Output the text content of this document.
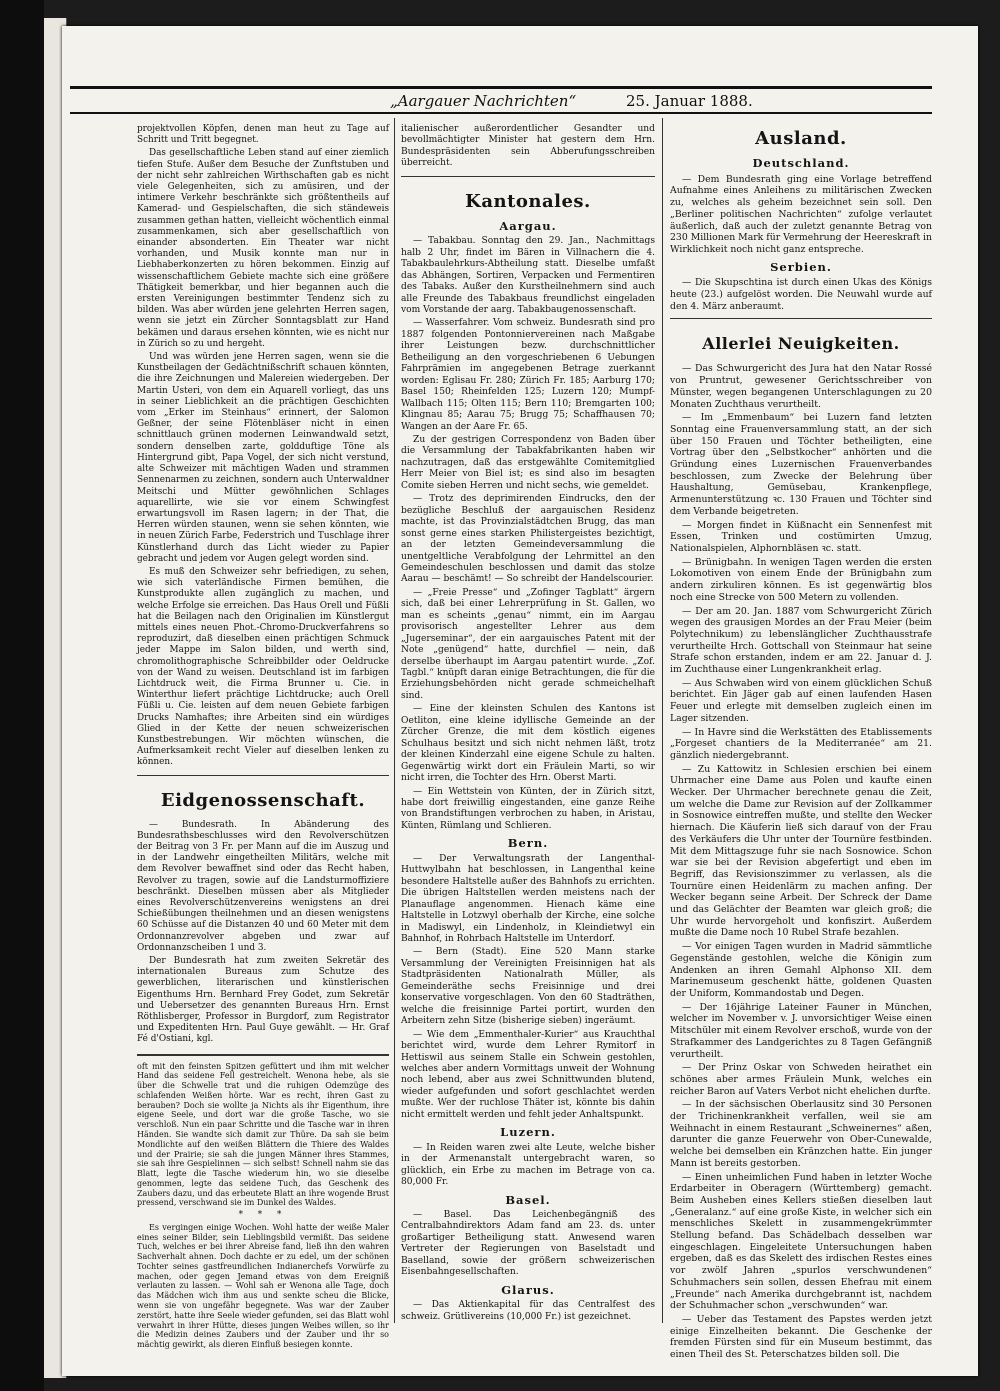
„Aargauer Nachrichten“	25. Januar 1888.

projektvollen Köpfen, denen man heut zu Tage auf Schritt und Tritt begegnet.

Das gesellschaftliche Leben stand auf einer ziemlich tiefen Stufe. Außer dem Besuche der Zunftstuben und der nicht sehr zahlreichen Wirthschaften gab es nicht viele Gelegenheiten, sich zu amüsiren, und der intimere Verkehr beschränkte sich größtentheils auf Kamerad- und Gespielschaften, die sich ständeweis zusammen gethan hatten, vielleicht wöchentlich einmal zusammenkamen, sich aber gesellschaftlich von einander absonderten. Ein Theater war nicht vorhanden, und Musik konnte man nur in Liebhaberkonzerten zu hören bekommen. Einzig auf wissenschaftlichem Gebiete machte sich eine größere Thätigkeit bemerkbar, und hier begannen auch die ersten Vereinigungen bestimmter Tendenz sich zu bilden. Was aber würden jene gelehrten Herren sagen, wenn sie jetzt ein Zürcher Sonntagsblatt zur Hand bekämen und daraus ersehen könnten, wie es nicht nur in Zürich so zu und hergeht.

Und was würden jene Herren sagen, wenn sie die Kunstbeilagen der Gedächtnißschrift schauen könnten, die ihre Zeichnungen und Malereien wiedergeben. Der Martin Usteri, von dem ein Aquarell vorliegt, das uns in seiner Lieblichkeit an die prächtigen Geschichten vom „Erker im Steinhaus“ erinnert, der Salomon Geßner, der seine Flötenbläser nicht in einen schnittlauch grünen modernen Leinwandwald setzt, sondern denselben zarte, goldduftige Töne als Hintergrund gibt, Papa Vogel, der sich nicht verstund, alte Schweizer mit mächtigen Waden und strammen Sennenarmen zu zeichnen, sondern auch Unterwaldner Meitschi und Mütter gewöhnlichen Schlages aquarellirte, wie sie vor einem Schwingfest erwartungsvoll im Rasen lagern; in der That, die Herren würden staunen, wenn sie sehen könnten, wie in neuen Zürich Farbe, Federstrich und Tuschlage ihrer Künstlerhand durch das Licht wieder zu Papier gebracht und jedem vor Augen gelegt worden sind.

Es muß den Schweizer sehr befriedigen, zu sehen, wie sich vaterländische Firmen bemühen, die Kunstprodukte allen zugänglich zu machen, und welche Erfolge sie erreichen. Das Haus Orell und Füßli hat die Beilagen nach den Originalien im Künstlergut mittels eines neuen Phot.-Chromo-Druckverfahrens so reproduzirt, daß dieselben einen prächtigen Schmuck jeder Mappe im Salon bilden, und werth sind, chromolithographische Schreibbilder oder Oeldrucke von der Wand zu weisen. Deutschland ist im farbigen Lichtdruck weit, die Firma Brunner u. Cie. in Winterthur liefert prächtige Lichtdrucke; auch Orell Füßli u. Cie. leisten auf dem neuen Gebiete farbigen Drucks Namhaftes; ihre Arbeiten sind ein würdiges Glied in der Kette der neuen schweizerischen Kunstbestrebungen. Wir möchten wünschen, die Aufmerksamkeit recht Vieler auf dieselben lenken zu können.

Eidgenossenschaft.

— Bundesrath. In Abänderung des Bundesrathsbeschlusses wird den Revolverschützen der Beitrag von 3 Fr. per Mann auf die im Auszug und in der Landwehr eingetheilten Militärs, welche mit dem Revolver bewaffnet sind oder das Recht haben, Revolver zu tragen, sowie auf die Landsturmoffiziere beschränkt. Dieselben müssen aber als Mitglieder eines Revolverschützenvereins wenigstens an drei Schießübungen theilnehmen und an diesen wenigstens 60 Schüsse auf die Distanzen 40 und 60 Meter mit dem Ordonnanzrevolver abgeben und zwar auf Ordonnanzscheiben 1 und 3.

Der Bundesrath hat zum zweiten Sekretär des internationalen Bureaus zum Schutze des gewerblichen, literarischen und künstlerischen Eigenthums Hrn. Bernhard Frey Godet, zum Sekretär und Uebersetzer des genannten Bureaus Hrn. Ernst Röthlisberger, Professor in Burgdorf, zum Registrator und Expeditenten Hrn. Paul Guye gewählt. — Hr. Graf Fé d'Ostiani, kgl.

oft mit den feinsten Spitzen gefüttert und ihm mit welcher Hand das seidene Fell gestreichelt. Wenona hebe, als sie über die Schwelle trat und die ruhigen Odemzüge des schlafenden Weißen hörte. War es recht, ihren Gast zu berauben? Doch sie wollte ja Nichts als ihr Eigenthum, ihre eigene Seele, und dort war die große Tasche, wo sie verschloß. Nun ein paar Schritte und die Tasche war in ihren Händen. Sie wandte sich damit zur Thüre. Da sah sie beim Mondlichte auf den weißen Blättern die Thiere des Waldes und der Prairie; sie sah die jungen Männer ihres Stammes, sie sah ihre Gespielinnen — sich selbst! Schnell nahm sie das Blatt, legte die Tasche wiederum hin, wo sie dieselbe genommen, legte das seidene Tuch, das Geschenk des Zaubers dazu, und das erbeutete Blatt an ihre wogende Brust pressend, verschwand sie im Dunkel des Waldes.

* * *

Es vergingen einige Wochen. Wohl hatte der weiße Maler eines seiner Bilder, sein Lieblingsbild vermißt. Das seidene Tuch, welches er bei ihrer Abreise fand, ließ ihn den wahren Sachverhalt ahnen. Doch dachte er zu edel, um der schönen Tochter seines gastfreundlichen Indianerchefs Vorwürfe zu machen, oder gegen Jemand etwas von dem Ereigniß verlauten zu lassen. — Wohl sah er Wenona alle Tage, doch das Mädchen wich ihm aus und senkte scheu die Blicke, wenn sie von ungefähr begegnete. Was war der Zauber zerstört, hatte ihre Seele wieder gefunden, sei das Blatt wohl verwahrt in ihrer Hütte, dieses jungen Weibes willen, so ihr die Medizin deines Zaubers und der Zauber und ihr so mächtig gewirkt, als dieren Einfluß besiegen konnte.

italienischer außerordentlicher Gesandter und bevollmächtigter Minister hat gestern dem Hrn. Bundespräsidenten sein Abberufungsschreiben überreicht.

Kantonales.
Aargau.

— Tabakbau. Sonntag den 29. Jan., Nachmittags halb 2 Uhr, findet im Bären in Villnachern die 4. Tabakbaulehrkurs-Abtheilung statt. Dieselbe umfaßt das Abhängen, Sortiren, Verpacken und Fermentiren des Tabaks. Außer den Kurstheilnehmern sind auch alle Freunde des Tabakbaus freundlichst eingeladen vom Vorstande der aarg. Tabakbaugenossenschaft.

— Wasserfahrer. Vom schweiz. Bundesrath sind pro 1887 folgenden Pontonniervereinen nach Maßgabe ihrer Leistungen bezw. durchschnittlicher Betheiligung an den vorgeschriebenen 6 Uebungen Fahrprämien im angegebenen Betrage zuerkannt worden: Eglisau Fr. 280; Zürich Fr. 185; Aarburg 170; Basel 150; Rheinfelden 125; Luzern 120; Mumpf-Wallbach 115; Olten 115; Bern 110; Bremgarten 100; Klingnau 85; Aarau 75; Brugg 75; Schaffhausen 70; Wangen an der Aare Fr. 65.

Zu der gestrigen Correspondenz von Baden über die Versammlung der Tabakfabrikanten haben wir nachzutragen, daß das erstgewählte Comitemitglied Herr Meier von Biel ist; es sind also im besagten Comite sieben Herren und nicht sechs, wie gemeldet.

— Trotz des deprimirenden Eindrucks, den der bezügliche Beschluß der aargauischen Residenz machte, ist das Provinzialstädtchen Brugg, das man sonst gerne eines starken Philistergeistes bezichtigt, an der letzten Gemeindeversammlung die unentgeltliche Verabfolgung der Lehrmittel an den Gemeindeschulen beschlossen und damit das stolze Aarau — beschämt! — So schreibt der Handelscourier.

— „Freie Presse“ und „Zofinger Tagblatt“ ärgern sich, daß bei einer Lehrerprüfung in St. Gallen, wo man es scheints „genau“ nimmt, ein im Aargau provisorisch angestellter Lehrer aus dem „Jugerseminar“, der ein aargauisches Patent mit der Note „genügend“ hatte, durchfiel — nein, daß derselbe überhaupt im Aargau patentirt wurde. „Zof. Tagbl.“ knüpft daran einige Betrachtungen, die für die Erziehungsbehörden nicht gerade schmeichelhaft sind.

— Eine der kleinsten Schulen des Kantons ist Oetliton, eine kleine idyllische Gemeinde an der Zürcher Grenze, die mit dem köstlich eigenes Schulhaus besitzt und sich nicht nehmen läßt, trotz der kleinen Kinderzahl eine eigene Schule zu halten. Gegenwärtig wirkt dort ein Fräulein Marti, so wir nicht irren, die Tochter des Hrn. Oberst Marti.

— Ein Wettstein von Künten, der in Zürich sitzt, habe dort freiwillig eingestanden, eine ganze Reihe von Brandstiftungen verbrochen zu haben, in Aristau, Künten, Rümlang und Schlieren.

Bern.

— Der Verwaltungsrath der Langenthal-Huttwylbahn hat beschlossen, in Langenthal keine besondere Haltstelle außer des Bahnhofs zu errichten. Die übrigen Haltstellen werden meistens nach der Planauflage angenommen. Hienach käme eine Haltstelle in Lotzwyl oberhalb der Kirche, eine solche in Madiswyl, ein Lindenholz, in Kleindietwyl ein Bahnhof, in Rohrbach Haltstelle im Unterdorf.

— Bern (Stadt). Eine 520 Mann starke Versammlung der Vereinigten Freisinnigen hat als Stadtpräsidenten Nationalrath Müller, als Gemeinderäthe sechs Freisinnige und drei konservative vorgeschlagen. Von den 60 Stadträthen, welche die freisinnige Partei portirt, wurden den Arbeitern zehn Sitze (bisherige sieben) ingeräumt.

— Wie dem „Emmenthaler-Kurier“ aus Krauchthal berichtet wird, wurde dem Lehrer Rymitorf in Hettiswil aus seinem Stalle ein Schwein gestohlen, welches aber andern Vormittags unweit der Wohnung noch lebend, aber aus zwei Schnittwunden blutend, wieder aufgefunden und sofort geschlachtet werden mußte. Wer der ruchlose Thäter ist, könnte bis dahin nicht ermittelt werden und fehlt jeder Anhaltspunkt.

Luzern.

— In Reiden waren zwei alte Leute, welche bisher in der Armenanstalt untergebracht waren, so glücklich, ein Erbe zu machen im Betrage von ca. 80,000 Fr.

Basel.

— Basel. Das Leichenbegängniß des Centralbahndirektors Adam fand am 23. ds. unter großartiger Betheiligung statt. Anwesend waren Vertreter der Regierungen von Baselstadt und Baselland, sowie der größern schweizerischen Eisenbahngesellschaften.

Glarus.

— Das Aktienkapital für das Centralfest des schweiz. Grütlivereins (10,000 Fr.) ist gezeichnet.

Ausland.
Deutschland.

— Dem Bundesrath ging eine Vorlage betreffend Aufnahme eines Anleihens zu militärischen Zwecken zu, welches als geheim bezeichnet sein soll. Den „Berliner politischen Nachrichten“ zufolge verlautet äußerlich, daß auch der zuletzt genannte Betrag von 230 Millionen Mark für Vermehrung der Heereskraft in Wirklichkeit noch nicht ganz entspreche.

Serbien.

— Die Skupschtina ist durch einen Ukas des Königs heute (23.) aufgelöst worden. Die Neuwahl wurde auf den 4. März anberaumt.

Allerlei Neuigkeiten.

— Das Schwurgericht des Jura hat den Natar Rossé von Pruntrut, gewesener Gerichtsschreiber von Münster, wegen begangenen Unterschlagungen zu 20 Monaten Zuchthaus verurtheilt.

— Im „Emmenbaum“ bei Luzern fand letzten Sonntag eine Frauenversammlung statt, an der sich über 150 Frauen und Töchter betheiligten, eine Vortrag über den „Selbstkocher“ anhörten und die Gründung eines Luzernischen Frauenverbandes beschlossen, zum Zwecke der Belehrung über Haushaltung, Gemüsebau, Krankenpflege, Armenunterstützung ꝛc. 130 Frauen und Töchter sind dem Verbande beigetreten.

— Morgen findet in Küßnacht ein Sennenfest mit Essen, Trinken und costümirten Umzug, Nationalspielen, Alphornbläsen ꝛc. statt.

— Brünigbahn. In wenigen Tagen werden die ersten Lokomotiven von einem Ende der Brünigbahn zum andern zirkuliren können. Es ist gegenwärtig blos noch eine Strecke von 500 Metern zu vollenden.

— Der am 20. Jan. 1887 vom Schwurgericht Zürich wegen des grausigen Mordes an der Frau Meier (beim Polytechnikum) zu lebenslänglicher Zuchthausstrafe verurtheilte Hrch. Gottschall von Steinmaur hat seine Strafe schon erstanden, indem er am 22. Januar d. J. im Zuchthause einer Lungenkrankheit erlag.

— Aus Schwaben wird von einem glücklichen Schuß berichtet. Ein Jäger gab auf einen laufenden Hasen Feuer und erlegte mit demselben zugleich einen im Lager sitzenden.

— In Havre sind die Werkstätten des Etablissements „Forgeset chantiers de la Mediterranée“ am 21. gänzlich niedergebrannt.

— Zu Kattowitz in Schlesien erschien bei einem Uhrmacher eine Dame aus Polen und kaufte einen Wecker. Der Uhrmacher berechnete genau die Zeit, um welche die Dame zur Revision auf der Zollkammer in Sosnowice eintreffen mußte, und stellte den Wecker hiernach. Die Käuferin ließ sich darauf von der Frau des Verkäufers die Uhr unter der Tournüre festbinden. Mit dem Mittagszuge fuhr sie nach Sosnowice. Schon war sie bei der Revision abgefertigt und eben im Begriff, das Revisionszimmer zu verlassen, als die Tournüre einen Heidenlärm zu machen anfing. Der Wecker begann seine Arbeit. Der Schreck der Dame und das Gelächter der Beamten war gleich groß; die Uhr wurde hervorgeholt und konfiszirt. Außerdem mußte die Dame noch 10 Rubel Strafe bezahlen.

— Vor einigen Tagen wurden in Madrid sämmtliche Gegenstände gestohlen, welche die Königin zum Andenken an ihren Gemahl Alphonso XII. dem Marinemuseum geschenkt hätte, goldenen Quasten der Uniform, Kommandostab und Degen.

— Der 16jährige Lateiner Fauner in München, welcher im November v. J. unvorsichtiger Weise einen Mitschüler mit einem Revolver erschoß, wurde von der Strafkammer des Landgerichtes zu 8 Tagen Gefängniß verurtheilt.

— Der Prinz Oskar von Schweden heirathet ein schönes aber armes Fräulein Munk, welches ein reicher Baron auf Vaters Verbot nicht ehelichen durfte.

— In der sächsischen Oberlausitz sind 30 Personen der Trichinenkrankheit verfallen, weil sie am Weihnacht in einem Restaurant „Schweinernes“ aßen, darunter die ganze Feuerwehr von Ober-Cunewalde, welche bei demselben ein Kränzchen hatte. Ein junger Mann ist bereits gestorben.

— Einen unheimlichen Fund haben in letzter Woche Erdarbeiter in Oberagern (Württemberg) gemacht. Beim Ausheben eines Kellers stießen dieselben laut „Generalanz.“ auf eine große Kiste, in welcher sich ein menschliches Skelett in zusammengekrümmter Stellung befand. Das Schädelbach desselben war eingeschlagen. Eingeleitete Untersuchungen haben ergeben, daß es das Skelett des irdischen Restes eines vor zwölf Jahren „spurlos verschwundenen“ Schuhmachers sein sollen, dessen Ehefrau mit einem „Freunde“ nach Amerika durchgebrannt ist, nachdem der Schuhmacher schon „verschwunden“ war.

— Ueber das Testament des Papstes werden jetzt einige Einzelheiten bekannt. Die Geschenke der fremden Fürsten sind für ein Museum bestimmt, das einen Theil des St. Peterschatzes bilden soll. Die
